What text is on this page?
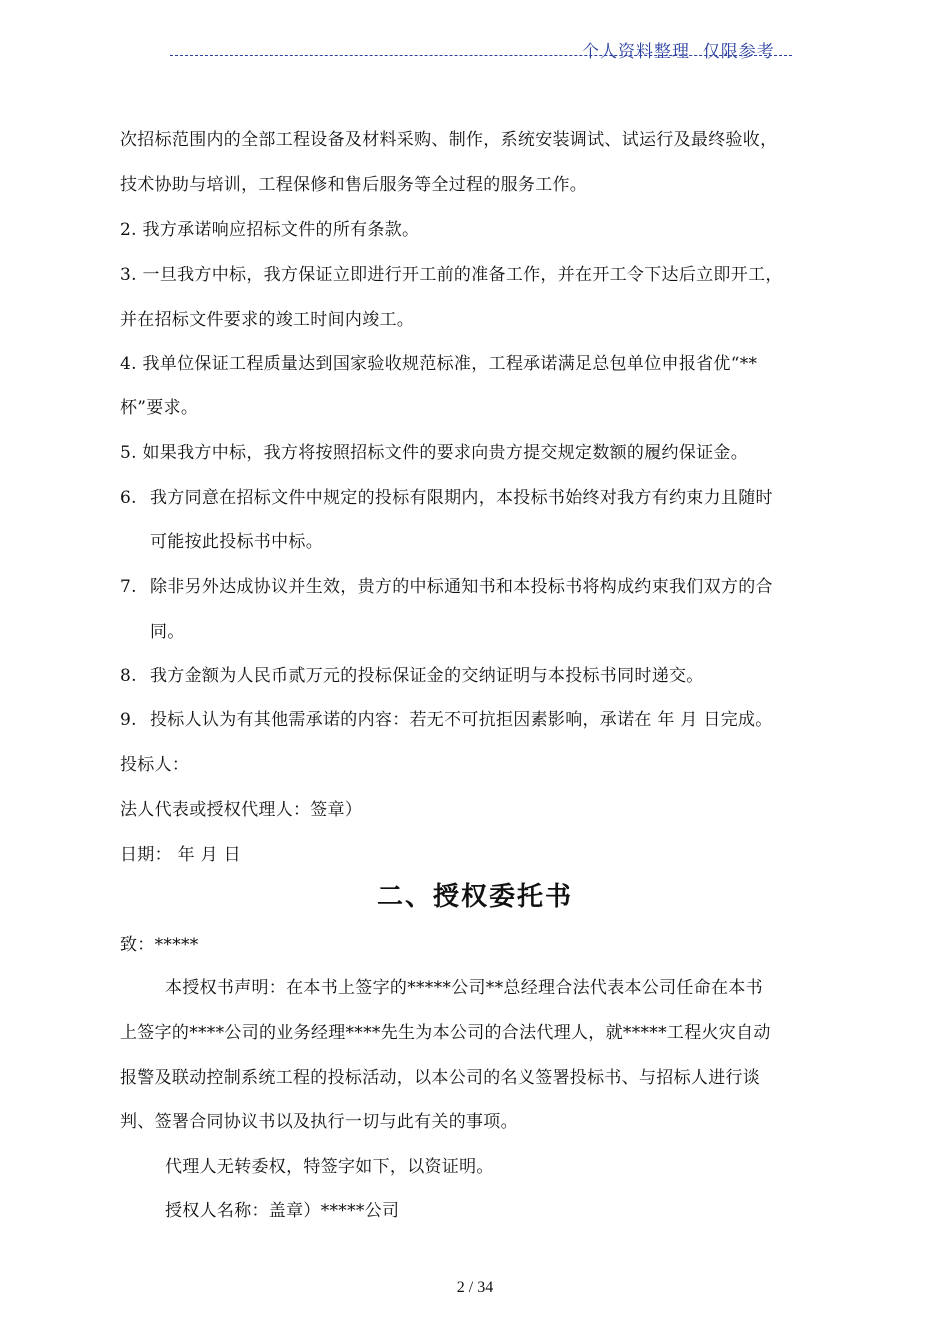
个人资料整理  仅限参考
次招标范围内的全部工程设备及材料采购、制作，系统安装调试、试运行及最终验收，
技术协助与培训，工程保修和售后服务等全过程的服务工作。
2. 我方承诺响应招标文件的所有条款。
3. 一旦我方中标，我方保证立即进行开工前的准备工作，并在开工令下达后立即开工，
并在招标文件要求的竣工时间内竣工。
4. 我单位保证工程质量达到国家验收规范标准，工程承诺满足总包单位申报省优“**
杯”要求。
5. 如果我方中标，我方将按照招标文件的要求向贵方提交规定数额的履约保证金。
6. 我方同意在招标文件中规定的投标有限期内，本投标书始终对我方有约束力且随时
可能按此投标书中标。
7. 除非另外达成协议并生效，贵方的中标通知书和本投标书将构成约束我们双方的合
同。
8. 我方金额为人民币贰万元的投标保证金的交纳证明与本投标书同时递交。
9. 投标人认为有其他需承诺的内容：若无不可抗拒因素影响，承诺在 年 月 日完成。
投标人：
法人代表或授权代理人：签章）
日期： 年 月 日
二、授权委托书
致：*****
本授权书声明：在本书上签字的*****公司**总经理合法代表本公司任命在本书
上签字的****公司的业务经理****先生为本公司的合法代理人，就*****工程火灾自动
报警及联动控制系统工程的投标活动，以本公司的名义签署投标书、与招标人进行谈
判、签署合同协议书以及执行一切与此有关的事项。
代理人无转委权，特签字如下，以资证明。
授权人名称：盖章）*****公司
2 / 34
